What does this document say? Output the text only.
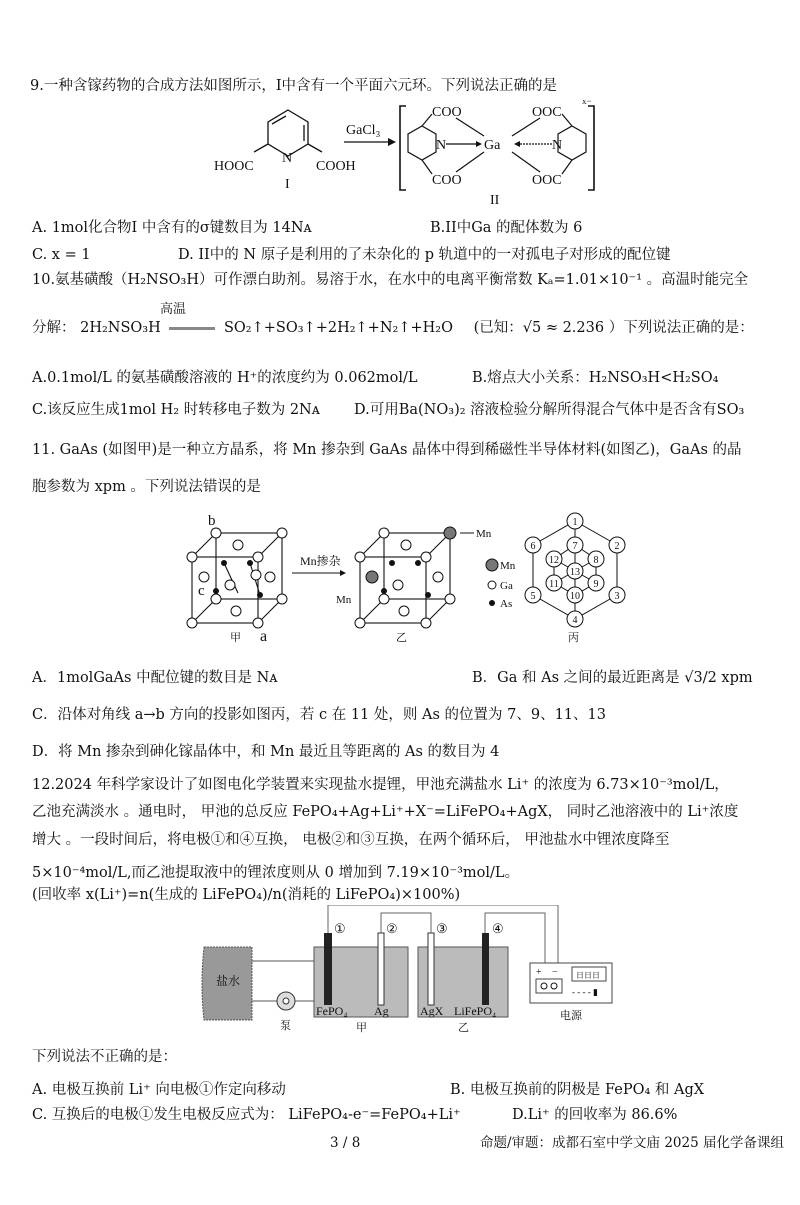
9.一种含镓药物的合成方法如图所示，I中含有一个平面六元环。下列说法正确的是
HOOC	COOH
N
I
GaCl₃
x−
COO
COO
OOC
OOC
N	N
Ga
II
A. 1mol化合物I 中含有的σ键数目为 14Nᴀ	B.II中Ga 的配体数为 6
C. x = 1	D. II中的 N 原子是利用的了未杂化的 p 轨道中的一对孤电子对形成的配位键
10.氨基磺酸（H₂NSO₃H）可作漂白助剂。易溶于水，在水中的电离平衡常数 Kₐ=1.01×10⁻¹ 。高温时能完全
高温
分解： 2H₂NSO₃H	SO₂↑+SO₃↑+2H₂↑+N₂↑+H₂O (已知：√5 ≈ 2.236 ）下列说法正确的是：
A.0.1mol/L 的氨基磺酸溶液的 H⁺的浓度约为 0.062mol/L	B.熔点大小关系：H₂NSO₃H<H₂SO₄
C.该反应生成1mol H₂ 时转移电子数为 2Nᴀ D.可用Ba(NO₃)₂ 溶液检验分解所得混合气体中是否含有SO₃
11. GaAs (如图甲)是一种立方晶系，将 Mn 掺杂到 GaAs 晶体中得到稀磁性半导体材料(如图乙)，GaAs 的晶
胞参数为 xpm 。下列说法错误的是
b
c
a
甲
Mn掺杂
Mn
Mn
乙
Mn
Ga
As
1
2
3
4
5
6	7
8
9
10
11
12
13
丙
A．1molGaAs 中配位键的数目是 Nᴀ	B．Ga 和 As 之间的最近距离是 √3/2 xpm
C．沿体对角线 a→b 方向的投影如图丙，若 c 在 11 处，则 As 的位置为 7、9、11、13
D．将 Mn 掺杂到砷化镓晶体中，和 Mn 最近且等距离的 As 的数目为 4
12.2024 年科学家设计了如图电化学装置来实现盐水提锂，甲池充满盐水 Li⁺ 的浓度为 6.73×10⁻³mol/L，
乙池充满淡水 。通电时， 甲池的总反应 FePO₄+Ag+Li⁺+X⁻=LiFePO₄+AgX， 同时乙池溶液中的 Li⁺浓度
增大 。一段时间后，将电极①和④互换， 电极②和③互换，在两个循环后， 甲池盐水中锂浓度降至
5×10⁻⁴mol/L,而乙池提取液中的锂浓度则从 0 增加到 7.19×10⁻³mol/L。
(回收率 x(Li⁺)=n(生成的 LiFePO₄)/n(消耗的 LiFePO₄)×100%)
盐水
泵
①	②	③	④
FePO₄ Ag	AgX LiFePO₄
甲	乙
+ − 日日日
- - - - ▮
电源
下列说法不正确的是：
A. 电极互换前 Li⁺ 向电极①作定向移动	B. 电极互换前的阴极是 FePO₄ 和 AgX
C. 互换后的电极①发生电极反应式为： LiFePO₄-e⁻=FePO₄+Li⁺	D.Li⁺ 的回收率为 86.6%
3 / 8	命题/审题：成都石室中学文庙 2025 届化学备课组
